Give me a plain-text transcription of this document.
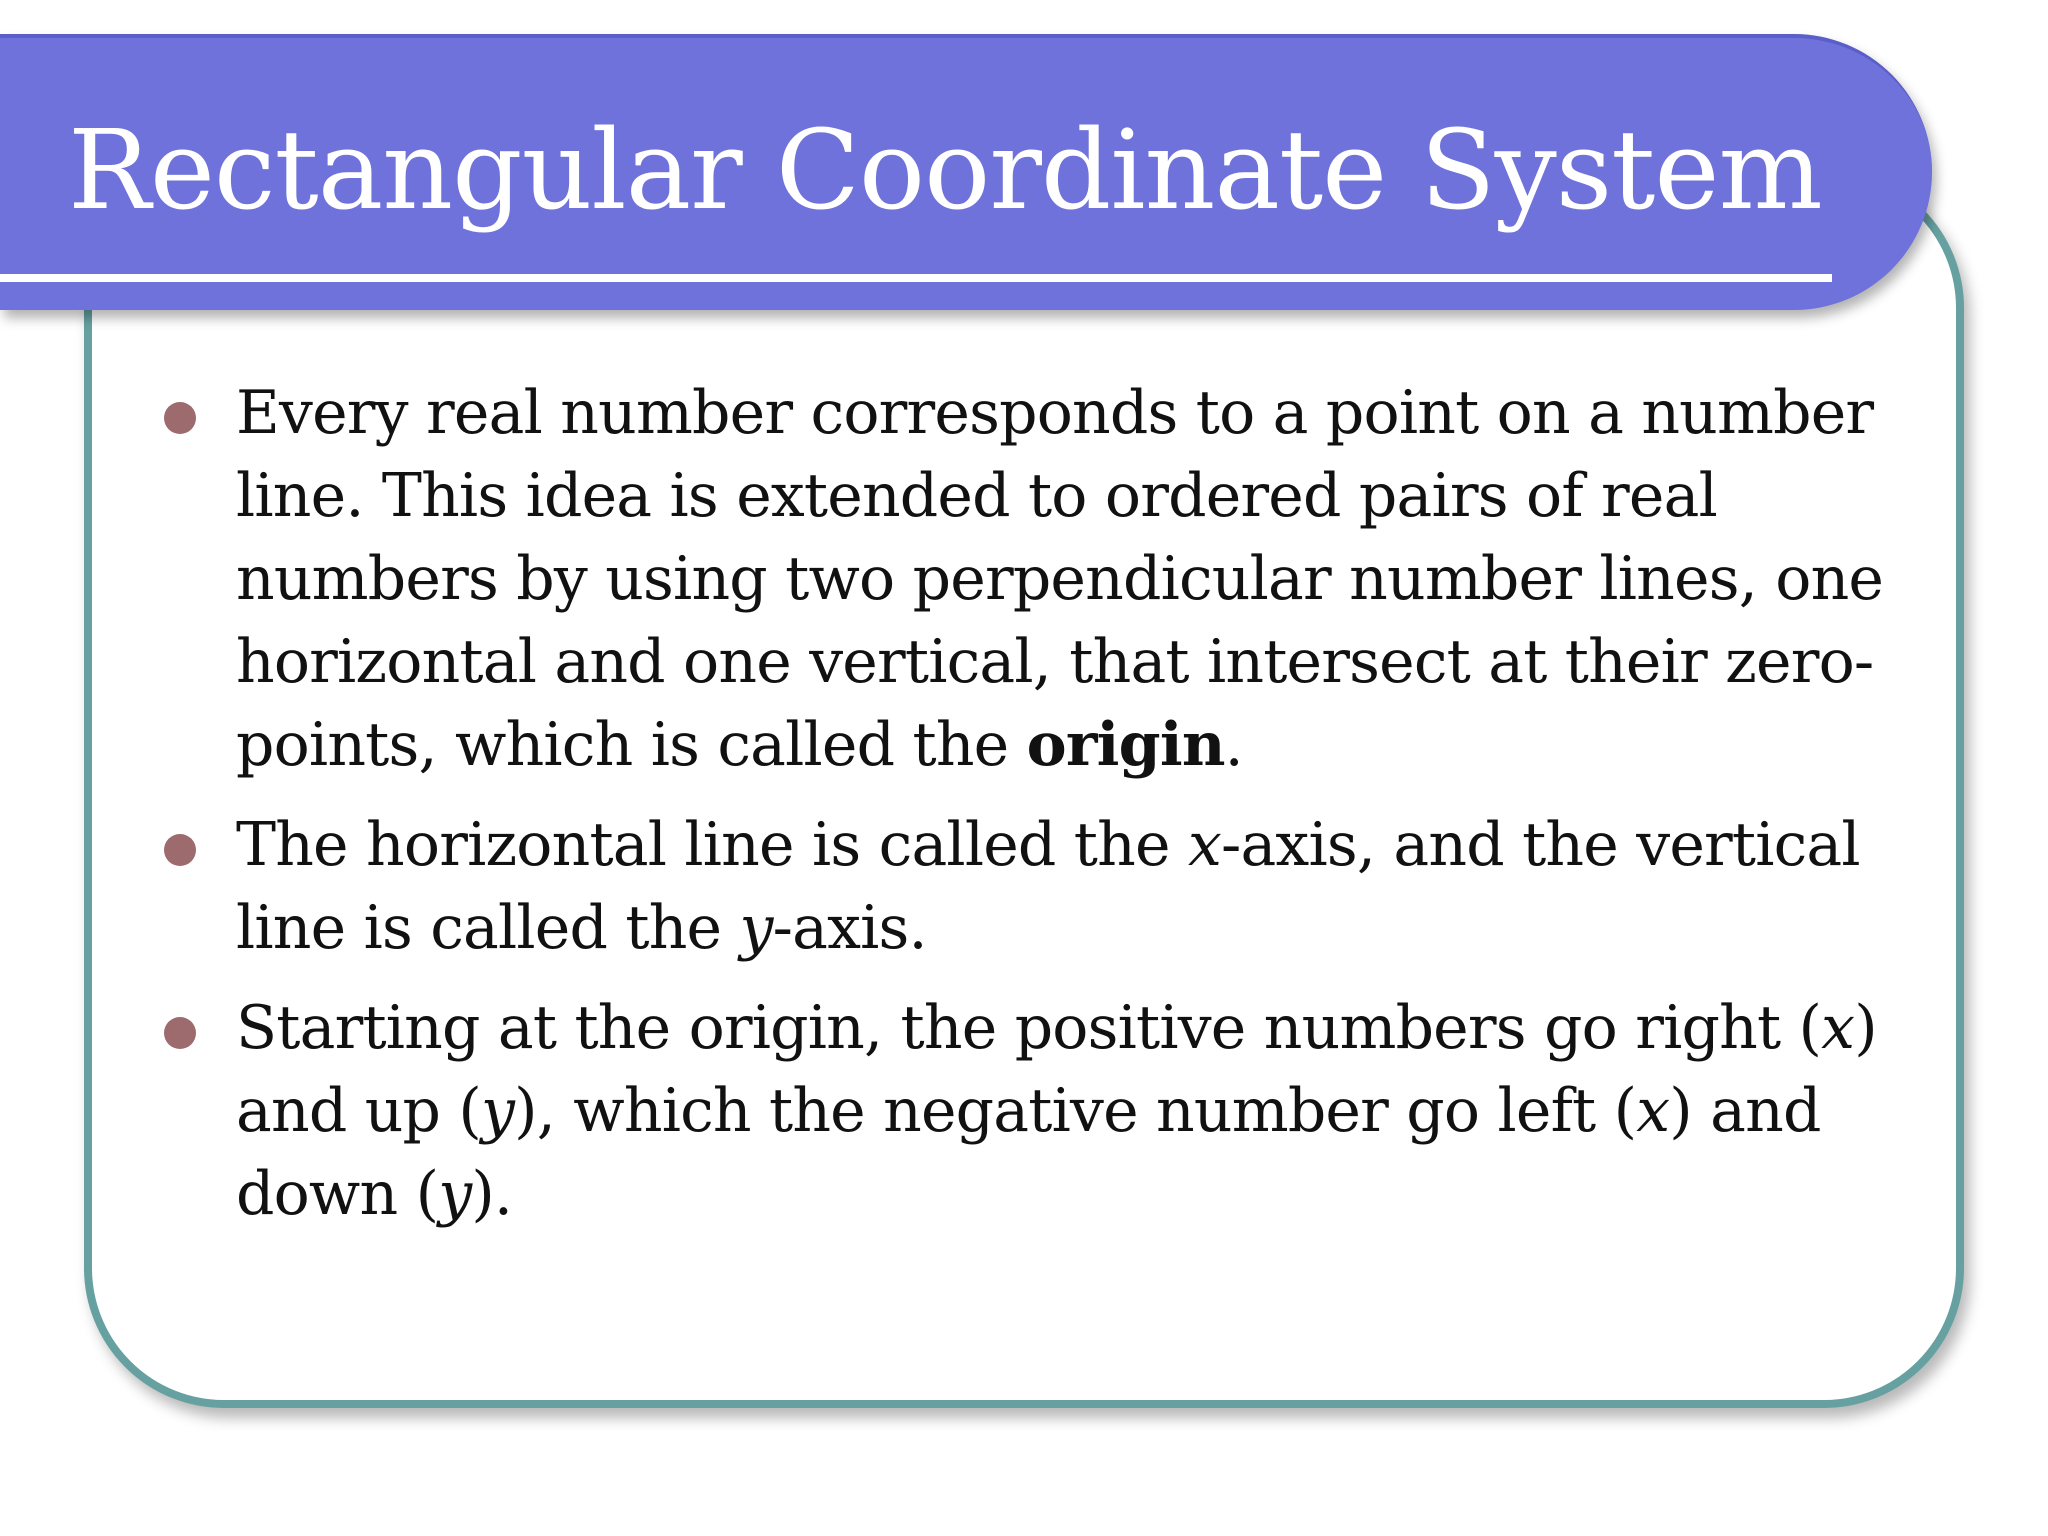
Rectangular Coordinate System
Every real number corresponds to a point on a number line. This idea is extended to ordered pairs of real numbers by using two perpendicular number lines, one horizontal and one vertical, that intersect at their zero-points, which is called the origin.
The horizontal line is called the x-axis, and the vertical line is called the y-axis.
Starting at the origin, the positive numbers go right (x) and up (y), which the negative number go left (x) and down (y).
